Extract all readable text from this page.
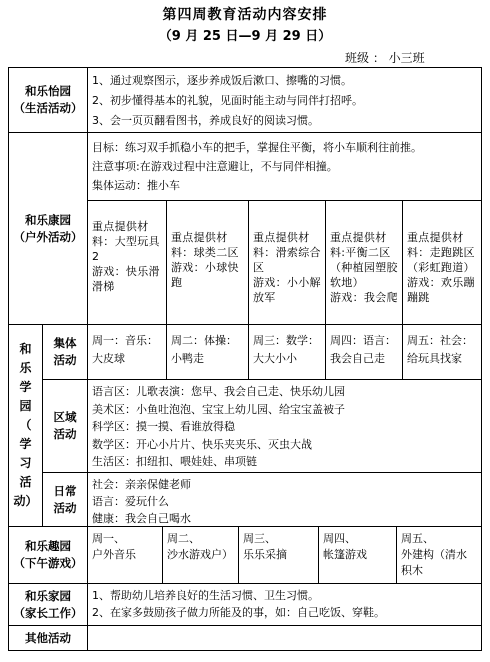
第四周教育活动内容安排
（9 月 25 日—9 月 29 日）
班级 ： 小三班
和乐怡园
（生活活动）
1、通过观察图示，逐步养成饭后漱口、擦嘴的习惯。
2、初步懂得基本的礼貌，见面时能主动与同伴打招呼。
3、会一页页翻看图书，养成良好的阅读习惯。
和乐康园
（户外活动）
目标：练习双手抓稳小车的把手，掌握住平衡，将小车顺利往前推。
注意事项:在游戏过程中注意避让，不与同伴相撞。
集体运动：推小车
重点提供材料：大型玩具2
游戏：快乐滑滑梯
重点提供材料：球类二区
游戏：小球快跑
重点提供材料：滑索综合区
游戏：小小解放军
重点提供材料:平衡二区（种植园塑胶软地）
游戏：我会爬
重点提供材料：走跑跳区（彩虹跑道）
游戏：欢乐蹦蹦跳
和
乐
学
园
（
学
习
活
动）
集体
活动
周一：音乐：
大皮球
周二：体操：
小鸭走
周三：数学：
大大小小
周四：语言：
我会自己走
周五：社会：
给玩具找家
区域
活动
语言区：儿歌表演：您早、我会自己走、快乐幼儿园
美术区：小鱼吐泡泡、宝宝上幼儿园、给宝宝盖被子
科学区：摸一摸、看谁放得稳
数学区：开心小片片、快乐夹夹乐、灭虫大战
生活区：扣纽扣、喂娃娃、串项链
日常
活动
社会：亲亲保健老师
语言：爱玩什么
健康：我会自己喝水
和乐趣园
（下午游戏）
周一、
户外音乐
周二、
沙水游戏户）
周三、
乐乐采摘
周四、
帐篷游戏
周五、
外建构（清水
积木
和乐家园
（家长工作）
1、帮助幼儿培养良好的生活习惯、卫生习惯。
2、在家多鼓励孩子做力所能及的事，如：自己吃饭、穿鞋。
其他活动
